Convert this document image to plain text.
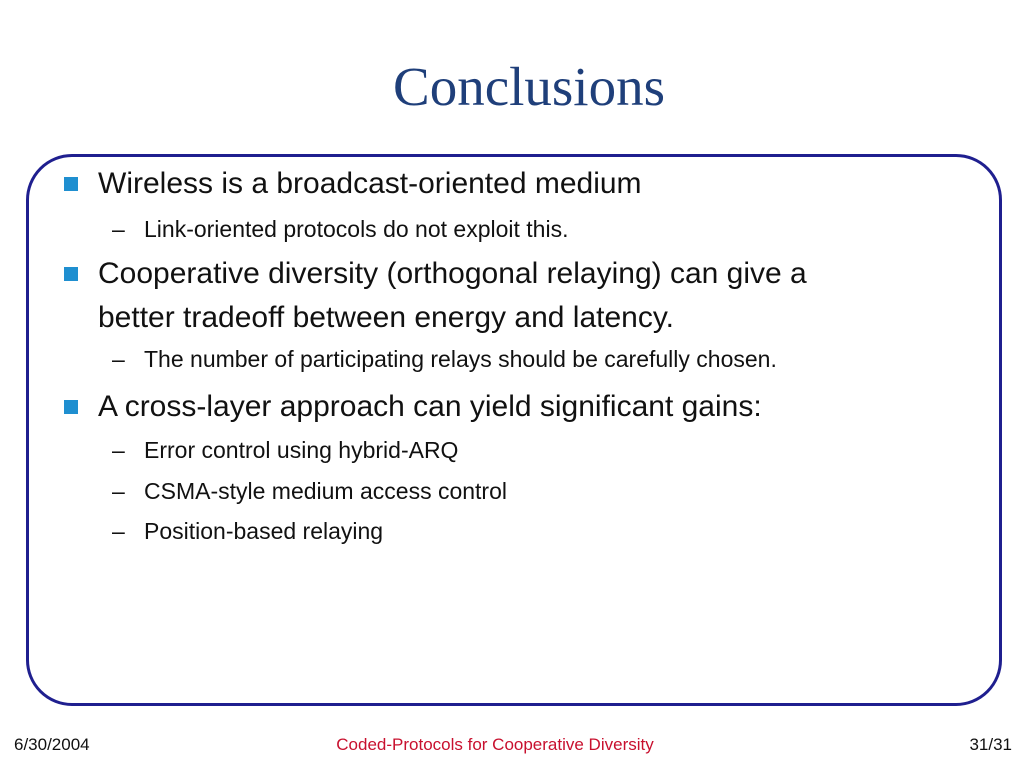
Conclusions
Wireless is a broadcast-oriented medium
– Link-oriented protocols do not exploit this.
Cooperative diversity (orthogonal relaying) can give a
better tradeoff between energy and latency.
– The number of participating relays should be carefully chosen.
A cross-layer approach can yield significant gains:
– Error control using hybrid-ARQ
– CSMA-style medium access control
– Position-based relaying
6/30/2004	Coded-Protocols for Cooperative Diversity	31/31
